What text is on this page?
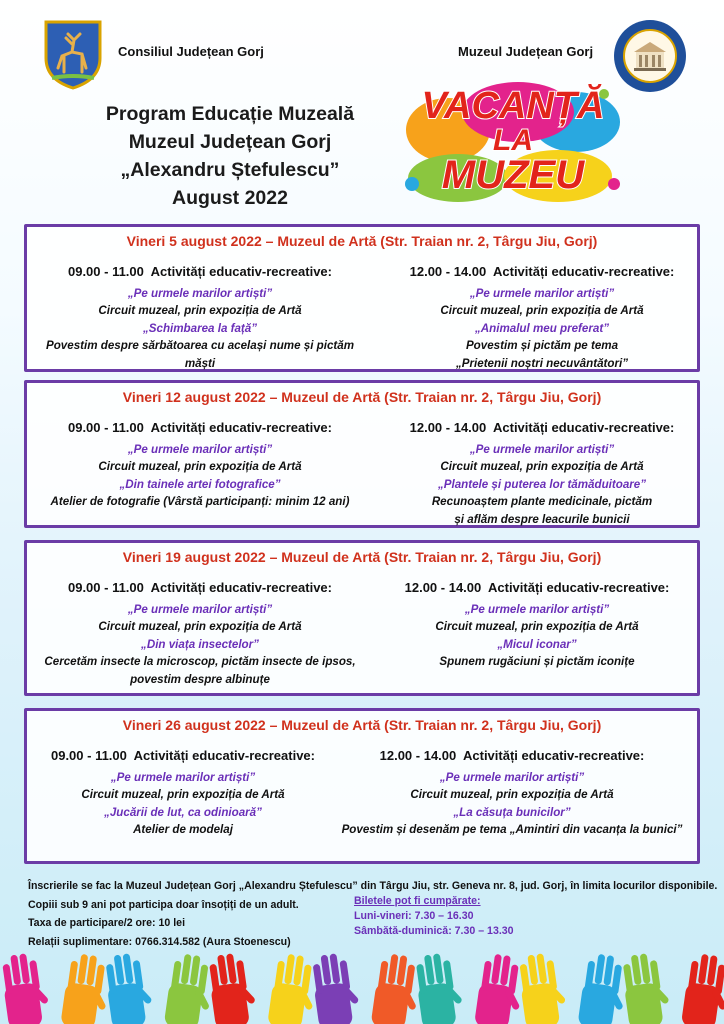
Consiliul Județean Gorj	Muzeul Județean Gorj
Program Educație Muzeală
Muzeul Județean Gorj
„Alexandru Ștefulescu”
August 2022
VACANȚĂ
LA
MUZEU
Vineri 5 august 2022 – Muzeul de Artă (Str. Traian nr. 2, Târgu Jiu, Gorj)
09.00 - 11.00 Activități educativ-recreative:
„Pe urmele marilor artiști”
Circuit muzeal, prin expoziția de Artă
„Schimbarea la față”
Povestim despre sărbătoarea cu același nume și pictăm măști
12.00 - 14.00 Activități educativ-recreative:
„Pe urmele marilor artiști”
Circuit muzeal, prin expoziția de Artă
„Animalul meu preferat”
Povestim și pictăm pe tema
„Prietenii noștri necuvântători”
Vineri 12 august 2022 – Muzeul de Artă (Str. Traian nr. 2, Târgu Jiu, Gorj)
09.00 - 11.00 Activități educativ-recreative:
„Pe urmele marilor artiști”
Circuit muzeal, prin expoziția de Artă
„Din tainele artei fotografice”
Atelier de fotografie (Vârstă participanți: minim 12 ani)
12.00 - 14.00 Activități educativ-recreative:
„Pe urmele marilor artiști”
Circuit muzeal, prin expoziția de Artă
„Plantele și puterea lor tămăduitoare”
Recunoaștem plante medicinale, pictăm
și aflăm despre leacurile bunicii
Vineri 19 august 2022 – Muzeul de Artă (Str. Traian nr. 2, Târgu Jiu, Gorj)
09.00 - 11.00 Activități educativ-recreative:
„Pe urmele marilor artiști”
Circuit muzeal, prin expoziția de Artă
„Din viața insectelor”
Cercetăm insecte la microscop, pictăm insecte de ipsos,
povestim despre albinuțe
12.00 - 14.00 Activități educativ-recreative:
„Pe urmele marilor artiști”
Circuit muzeal, prin expoziția de Artă
„Micul iconar”
Spunem rugăciuni și pictăm iconițe
Vineri 26 august 2022 – Muzeul de Artă (Str. Traian nr. 2, Târgu Jiu, Gorj)
09.00 - 11.00 Activități educativ-recreative:
„Pe urmele marilor artiști”
Circuit muzeal, prin expoziția de Artă
„Jucării de lut, ca odinioară”
Atelier de modelaj
12.00 - 14.00 Activități educativ-recreative:
„Pe urmele marilor artiști”
Circuit muzeal, prin expoziția de Artă
„La căsuța bunicilor”
Povestim și desenăm pe tema „Amintiri din vacanța la bunici”
Înscrierile se fac la Muzeul Județean Gorj „Alexandru Ștefulescu” din Târgu Jiu, str. Geneva nr. 8, jud. Gorj, în limita locurilor disponibile.
Copiii sub 9 ani pot participa doar însoțiți de un adult.
Taxa de participare/2 ore: 10 lei
Relații suplimentare: 0766.314.582 (Aura Stoenescu)
Biletele pot fi cumpărate:
Luni-vineri: 7.30 – 16.30
Sâmbătă-duminică: 7.30 – 13.30
